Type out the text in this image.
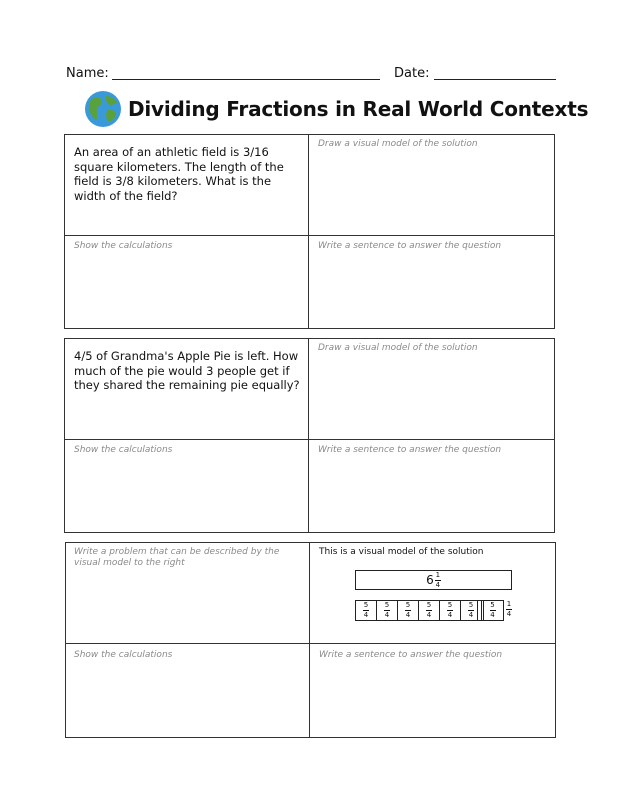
Name:	Date:
Dividing Fractions in Real World Contexts
An area of an athletic field is 3/16 square kilometers. The length of the field is 3/8 kilometers. What is the width of the field?
Draw a visual model of the solution
Show the calculations	Write a sentence to answer the question
4/5 of Grandma's Apple Pie is left. How much of the pie would 3 people get if they shared the remaining pie equally?
Draw a visual model of the solution
Show the calculations	Write a sentence to answer the question
Write a problem that can be described by the visual model to the right
This is a visual model of the solution
$6 \frac{1}{4}$
$\frac{5}{4} \frac{5}{4} \frac{5}{4} \frac{5}{4} \frac{5}{4} \frac{5}{4} \frac{5}{4} \frac{1}{4}$
Show the calculations	Write a sentence to answer the question
